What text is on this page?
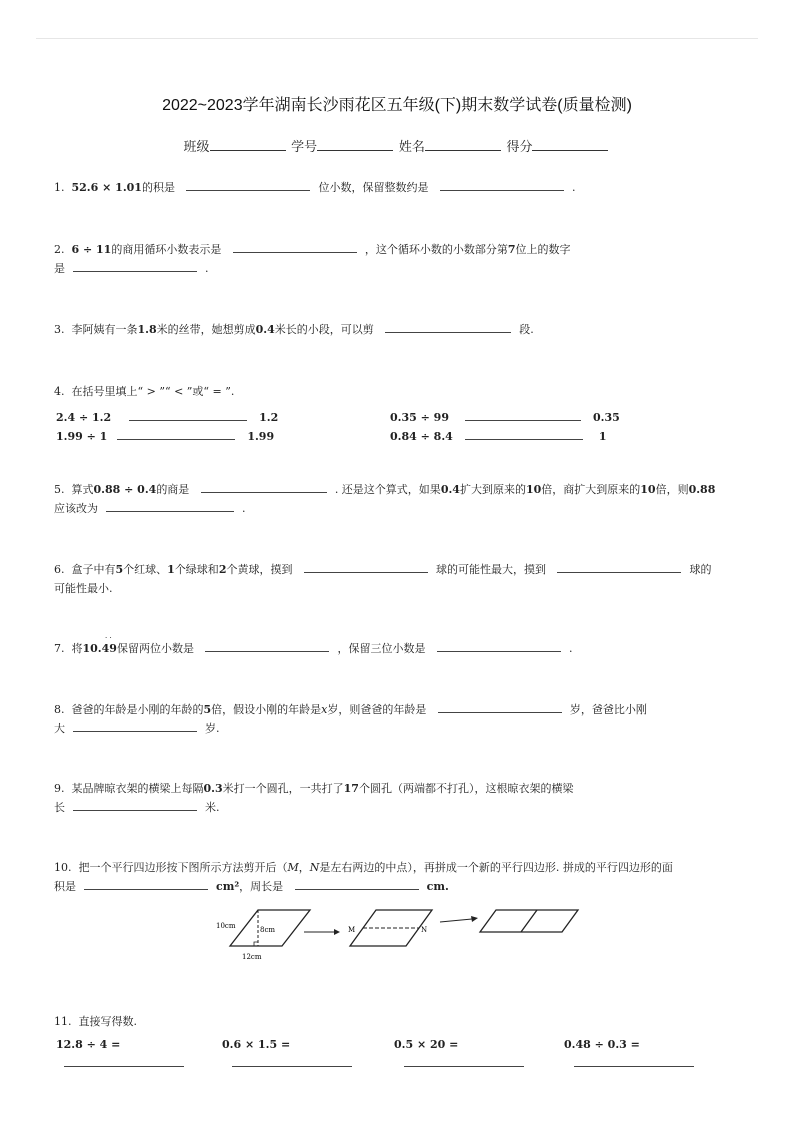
2022~2023学年湖南长沙雨花区五年级(下)期末数学试卷(质量检测)
班级	学号	姓名	得分
1. 52.6 × 1.01的积是	位小数，保留整数约是	.
2. 6 ÷ 11的商用循环小数表示是	，这个循环小数的小数部分第7位上的数字
是	.
3. 李阿姨有一条1.8米的丝带，她想剪成0.4米长的小段，可以剪	段.
4. 在括号里填上“ > ”“ < ”或“ = ”.
2.4 ÷ 1.2	1.2	0.35 ÷ 99	0.35
1.99 ÷ 1	1.99	0.84 ÷ 8.4	1
5. 算式0.88 ÷ 0.4的商是	. 还是这个算式，如果0.4扩大到原来的10倍，商扩大到原来的10倍，则0.88
应该改为	.
6. 盒子中有5个红球、1个绿球和2个黄球，摸到	球的可能性最大，摸到	球的
可能性最小.
7. 将10.49保留两位小数是	，保留三位小数是	.
· ·
8. 爸爸的年龄是小刚的年龄的5倍，假设小刚的年龄是x岁，则爸爸的年龄是	岁，爸爸比小刚
大	岁.
9. 某品牌晾衣架的横梁上每隔0.3米打一个圆孔，一共打了17个圆孔（两端都不打孔），这根晾衣架的横梁
长	米.
10. 把一个平行四边形按下图所示方法剪开后（M，N是左右两边的中点），再拼成一个新的平行四边形. 拼成的平行四边形的面
积是	cm²，周长是	cm.
10cm	8cm
12cm
M	N
11. 直接写得数.
12.8 ÷ 4 =	0.6 × 1.5 =	0.5 × 20 =	0.48 ÷ 0.3 =
